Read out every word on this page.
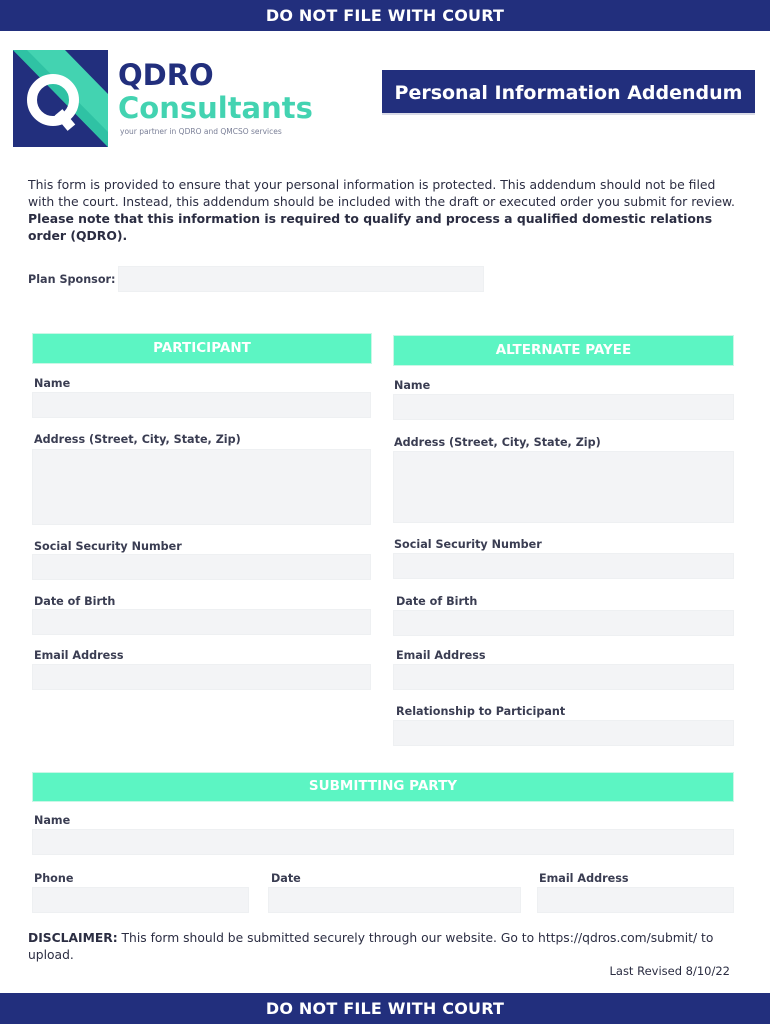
DO NOT FILE WITH COURT
QDRO
Consultants
your partner in QDRO and QMCSO services
Personal Information Addendum
This form is provided to ensure that your personal information is protected. This addendum should not be filed with the court. Instead, this addendum should be included with the draft or executed order you submit for review. Please note that this information is required to qualify and process a qualified domestic relations order (QDRO).
Plan Sponsor:
PARTICIPANT
Name
Address (Street, City, State, Zip)
Social Security Number
Date of Birth
Email Address
ALTERNATE PAYEE
Name
Address (Street, City, State, Zip)
Social Security Number
Date of Birth
Email Address
Relationship to Participant
SUBMITTING PARTY
Name
Phone	Date	Email Address
DISCLAIMER: This form should be submitted securely through our website. Go to https://qdros.com/submit/ to upload.
Last Revised 8/10/22
DO NOT FILE WITH COURT
